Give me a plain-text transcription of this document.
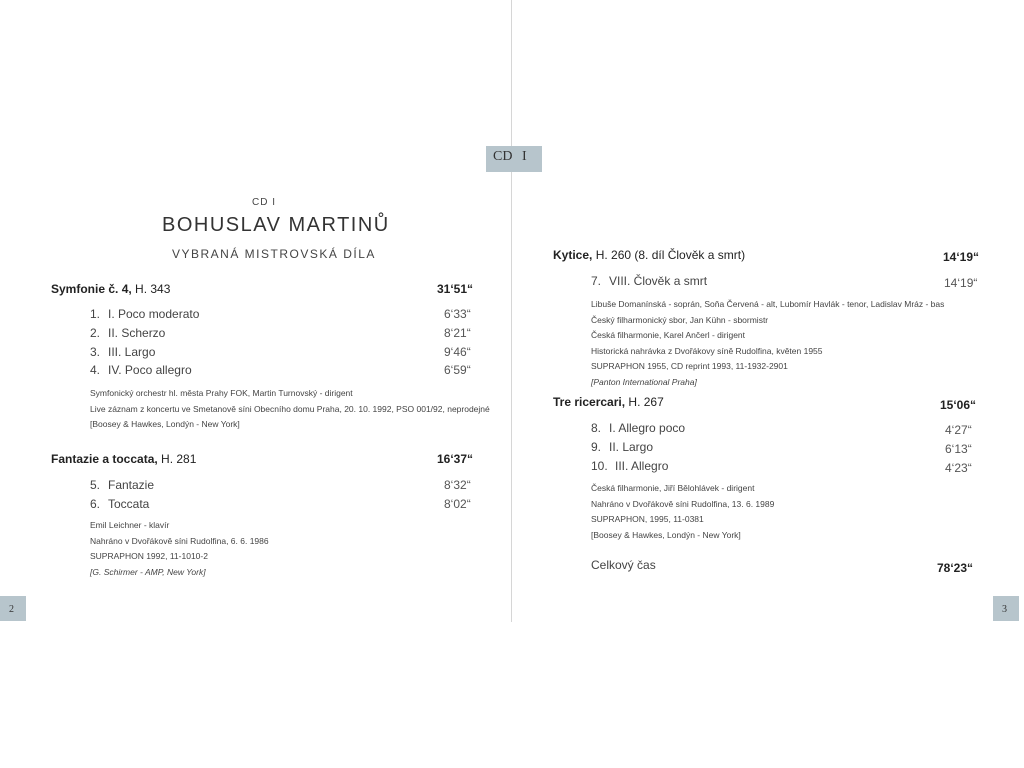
CD I
2	3
CD I
BOHUSLAV MARTINŮ
VYBRANÁ MISTROVSKÁ DÍLA
Symfonie č. 4, H. 343	31‘51“
1. I. Poco moderato	6‘33“
2. II. Scherzo	8‘21“
3. III. Largo	9‘46“
4. IV. Poco allegro	6‘59“
Symfonický orchestr hl. města Prahy FOK, Martin Turnovský - dirigent
Live záznam z koncertu ve Smetanově síni Obecního domu Praha, 20. 10. 1992, PSO 001/92, neprodejné
[Boosey & Hawkes, Londýn - New York]
Fantazie a toccata, H. 281	16‘37“
5. Fantazie	8‘32“
6. Toccata	8‘02“
Emil Leichner - klavír
Nahráno v Dvořákově síni Rudolfina, 6. 6. 1986
SUPRAPHON 1992, 11-1010-2
[G. Schirmer - AMP, New York]
Kytice, H. 260 (8. díl Člověk a smrt)	14‘19“
7. VIII. Člověk a smrt	14‘19“
Libuše Domanínská - soprán, Soňa Červená - alt, Lubomír Havlák - tenor, Ladislav Mráz - bas
Český filharmonický sbor, Jan Kühn - sbormistr
Česká filharmonie, Karel Ančerl - dirigent
Historická nahrávka z Dvořákovy síně Rudolfina, květen 1955
SUPRAPHON 1955, CD reprint 1993, 11-1932-2901
[Panton International Praha]
Tre ricercari, H. 267	15‘06“
8. I. Allegro poco	4‘27“
9. II. Largo	6‘13“
10. III. Allegro	4‘23“
Česká filharmonie, Jiří Bělohlávek - dirigent
Nahráno v Dvořákově síni Rudolfina, 13. 6. 1989
SUPRAPHON, 1995, 11-0381
[Boosey & Hawkes, Londýn - New York]
Celkový čas	78‘23“
